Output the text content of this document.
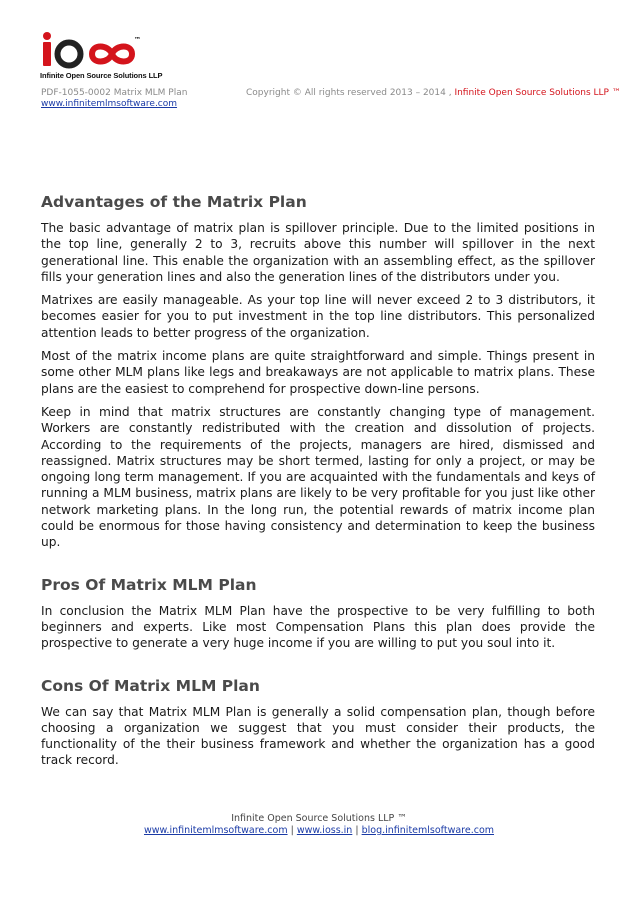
™
Infinite Open Source Solutions LLP
PDF-1055-0002 Matrix MLM Plan
www.infinitemlmsoftware.com
Copyright © All rights reserved 2013 – 2014 , Infinite Open Source Solutions LLP ™
Advantages of the Matrix Plan

The basic advantage of matrix plan is spillover principle. Due to the limited positions in the top line, generally 2 to 3, recruits above this number will spillover in the next generational line. This enable the organization with an assembling effect, as the spillover fills your generation lines and also the generation lines of the distributors under you.

Matrixes are easily manageable. As your top line will never exceed 2 to 3 distributors, it becomes easier for you to put investment in the top line distributors. This personalized attention leads to better progress of the organization.

Most of the matrix income plans are quite straightforward and simple. Things present in some other MLM plans like legs and breakaways are not applicable to matrix plans. These plans are the easiest to comprehend for prospective down-line persons.

Keep in mind that matrix structures are constantly changing type of management. Workers are constantly redistributed with the creation and dissolution of projects. According to the requirements of the projects, managers are hired, dismissed and reassigned. Matrix structures may be short termed, lasting for only a project, or may be ongoing long term management. If you are acquainted with the fundamentals and keys of running a MLM business, matrix plans are likely to be very profitable for you just like other network marketing plans. In the long run, the potential rewards of matrix income plan could be enormous for those having consistency and determination to keep the business up.

Pros Of Matrix MLM Plan

In conclusion the Matrix MLM Plan have the prospective to be very fulfilling to both beginners and experts. Like most Compensation Plans this plan does provide the prospective to generate a very huge income if you are willing to put you soul into it.

Cons Of Matrix MLM Plan

We can say that Matrix MLM Plan is generally a solid compensation plan, though before choosing a organization we suggest that you must consider their products, the functionality of the their business framework and whether the organization has a good track record.

Infinite Open Source Solutions LLP ™
www.infinitemlmsoftware.com | www.ioss.in | blog.infinitemlsoftware.com
